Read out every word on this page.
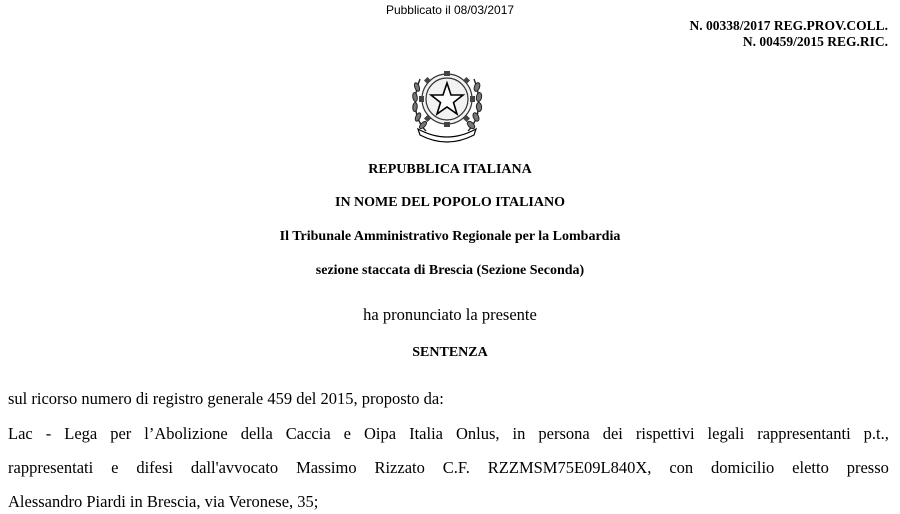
Pubblicato il 08/03/2017
N. 00338/2017 REG.PROV.COLL.
N. 00459/2015 REG.RIC.
REPUBBLICA ITALIANA
IN NOME DEL POPOLO ITALIANO
Il Tribunale Amministrativo Regionale per la Lombardia
sezione staccata di Brescia (Sezione Seconda)
ha pronunciato la presente
SENTENZA
sul ricorso numero di registro generale 459 del 2015, proposto da:
Lac - Lega per l’Abolizione della Caccia e Oipa Italia Onlus, in persona dei rispettivi legali rappresentanti p.t.,
rappresentati e difesi dall'avvocato Massimo Rizzato C.F. RZZMSM75E09L840X, con domicilio eletto presso
Alessandro Piardi in Brescia, via Veronese, 35;
